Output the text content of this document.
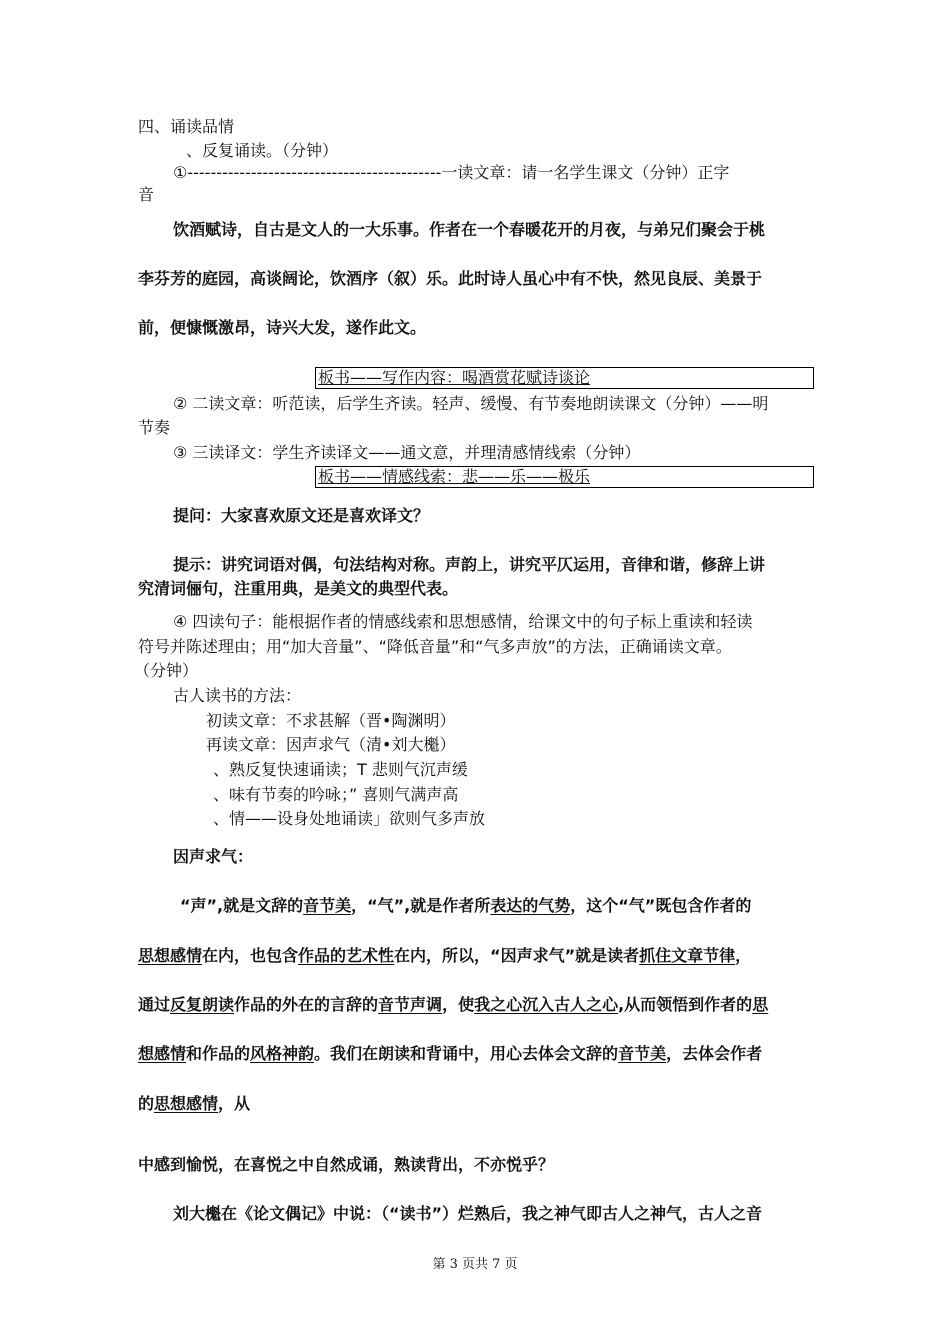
四、诵读品情
、反复诵读。（分钟）
①--------------------------------------------一读文章：请一名学生课文（分钟）正字
音
饮酒赋诗，自古是文人的一大乐事。作者在一个春暖花开的月夜，与弟兄们聚会于桃
李芬芳的庭园，高谈阔论，饮酒序（叙）乐。此时诗人虽心中有不快，然见良辰、美景于
前，便慷慨激昂，诗兴大发，遂作此文。
板书——写作内容：喝酒赏花赋诗谈论
② 二读文章：听范读，后学生齐读。轻声、缓慢、有节奏地朗读课文（分钟）——明
节奏
③ 三读译文：学生齐读译文——通文意，并理清感情线索（分钟）
板书——情感线索：悲——乐——极乐
提问：大家喜欢原文还是喜欢译文？
提示：讲究词语对偶，句法结构对称。声韵上，讲究平仄运用，音律和谐，修辞上讲
究清词俪句，注重用典，是美文的典型代表。
④ 四读句子：能根据作者的情感线索和思想感情，给课文中的句子标上重读和轻读
符号并陈述理由；用“加大音量”、“降低音量”和“气多声放”的方法，正确诵读文章。
（分钟）
古人读书的方法：
初读文章：不求甚解（晋•陶渊明）
再读文章：因声求气（清•刘大櫆）
、熟反复快速诵读；T 悲则气沉声缓
、味有节奏的吟咏；” 喜则气满声高
、情——设身处地诵读」欲则气多声放
因声求气：
“声”,就是文辞的音节美，“气”,就是作者所表达的气势，这个“气”既包含作者的
思想感情在内，也包含作品的艺术性在内，所以，“因声求气”就是读者抓住文章节律，
通过反复朗读作品的外在的言辞的音节声调，使我之心沉入古人之心,从而领悟到作者的思
想感情和作品的风格神韵。我们在朗读和背诵中，用心去体会文辞的音节美，去体会作者
的思想感情，从
中感到愉悦，在喜悦之中自然成诵，熟读背出，不亦悦乎？
刘大櫆在《论文偶记》中说：（“读书”）烂熟后，我之神气即古人之神气，古人之音
第 3 页共 7 页
